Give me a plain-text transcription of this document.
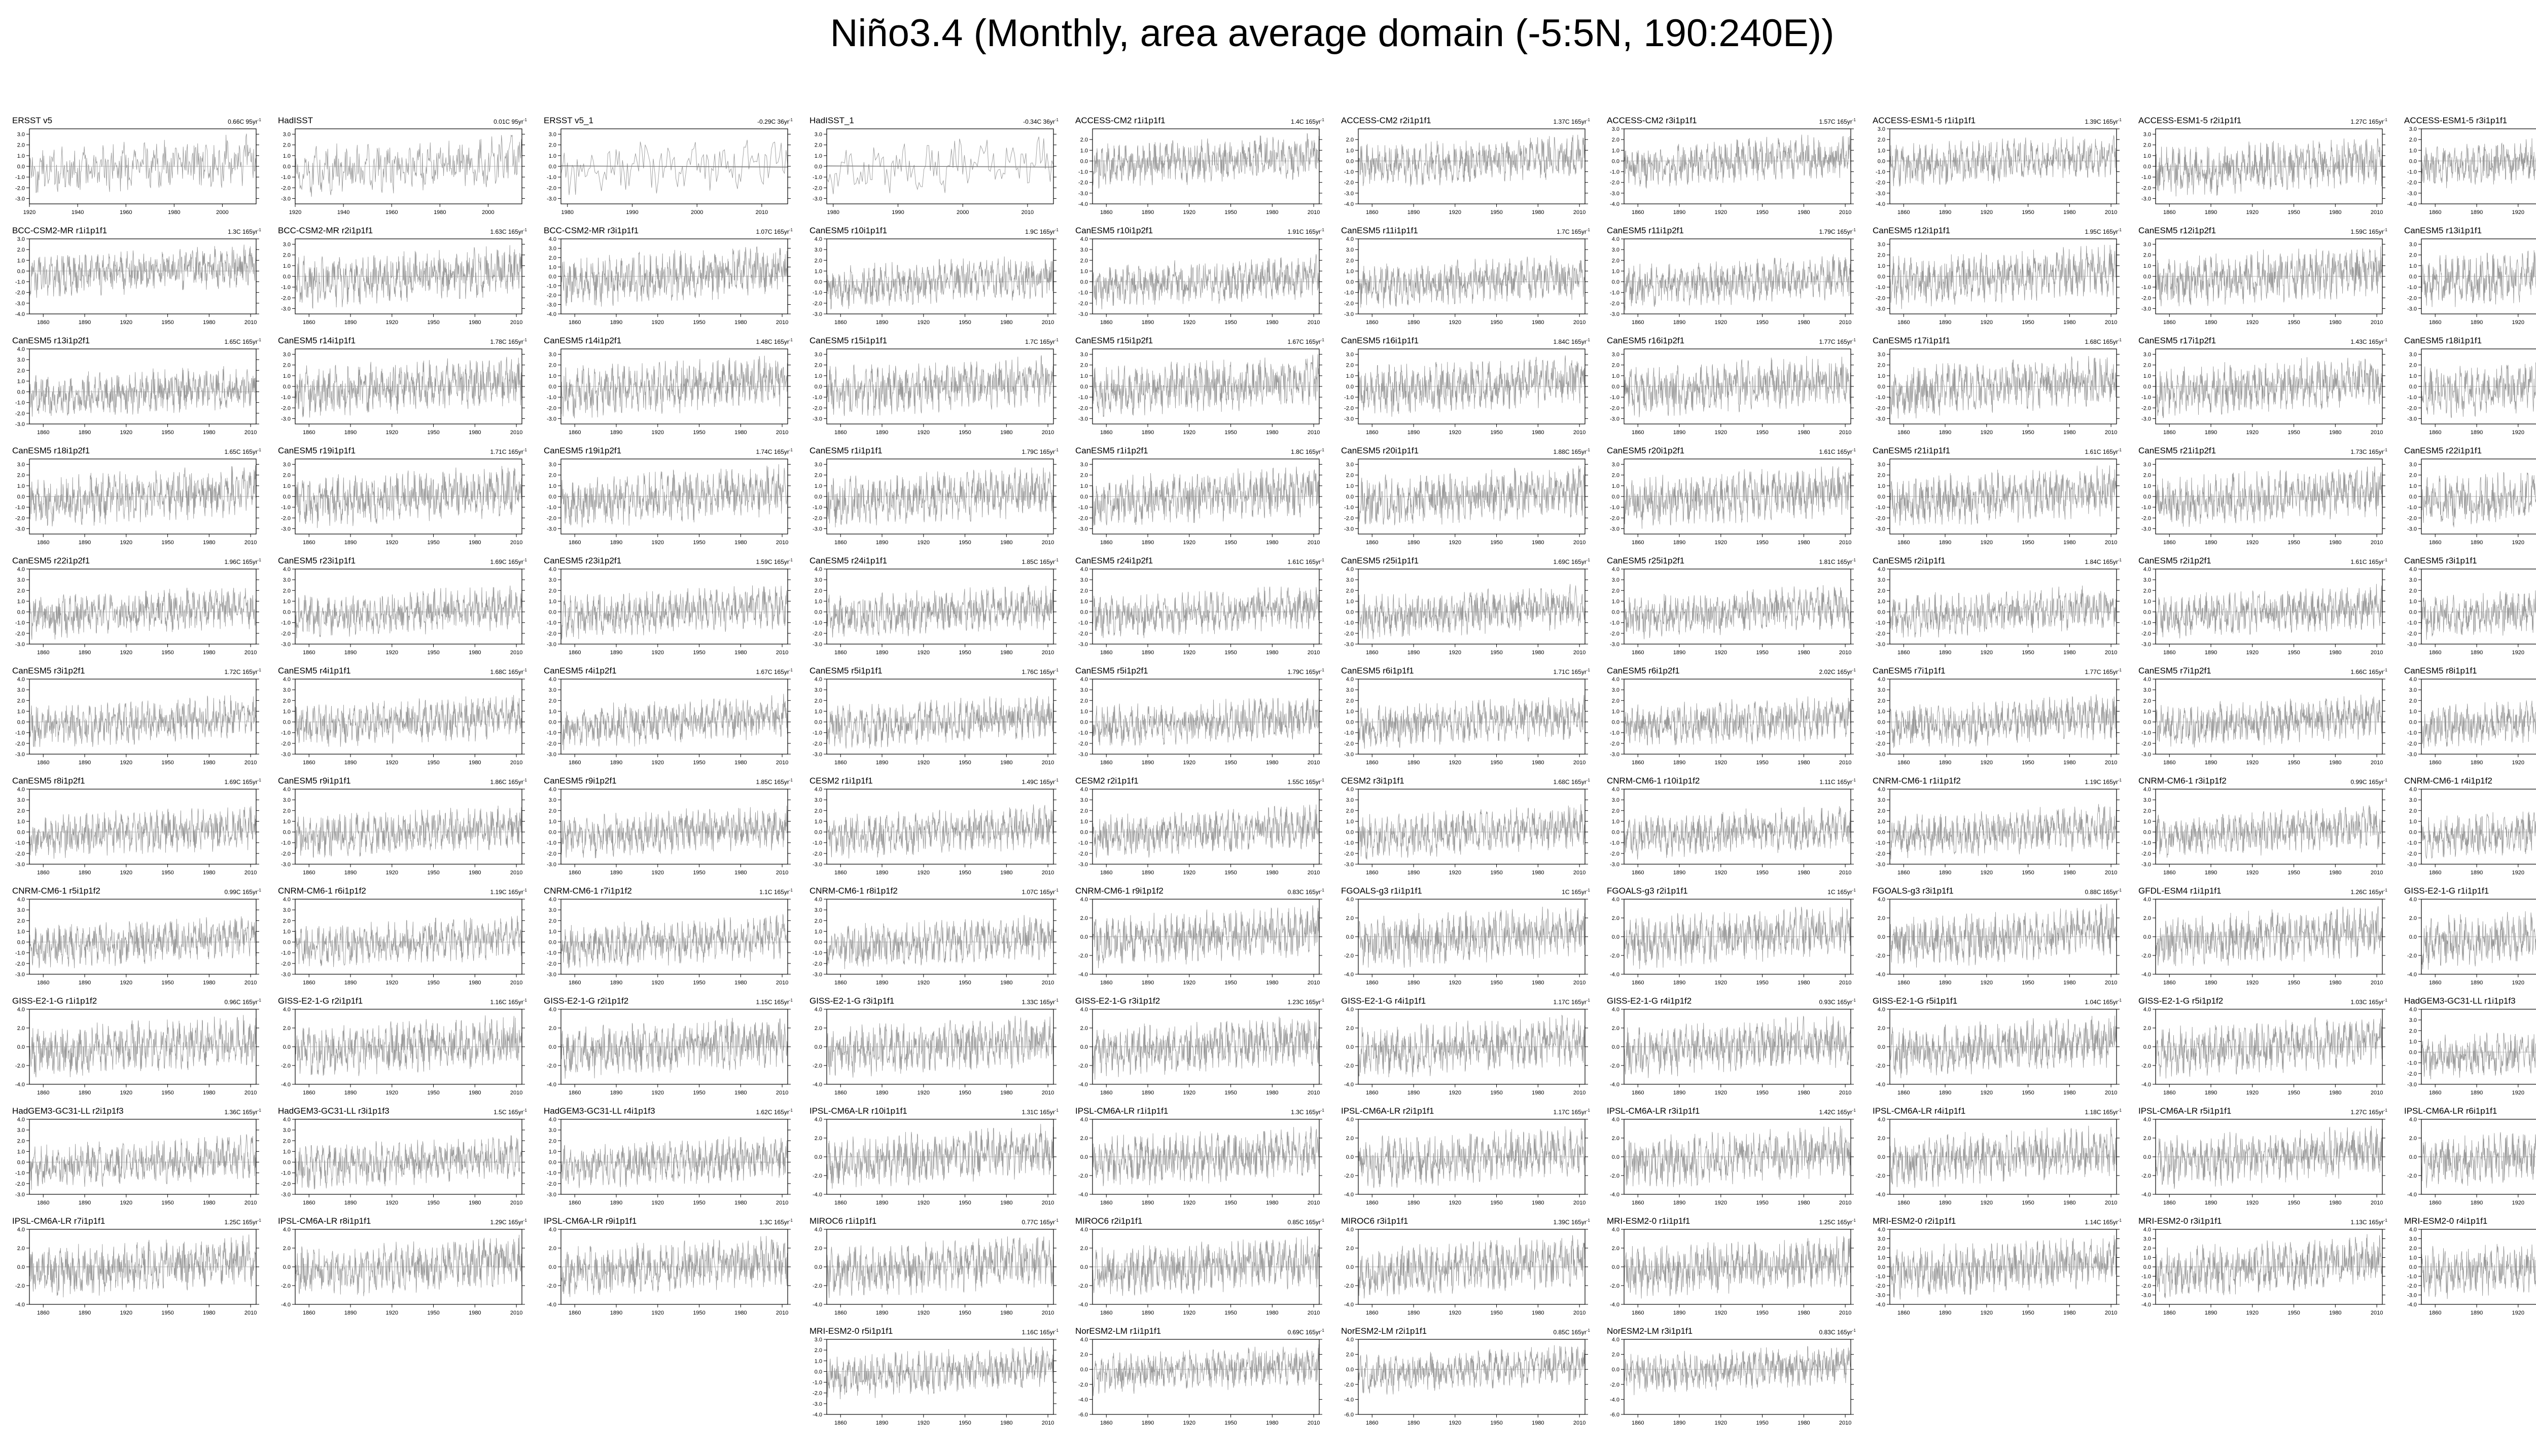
Niño3.4 (Monthly, area average domain (-5:5N, 190:240E))
ERSST v5	0.66C $95yr^{-1}$
3.0
2.0
1.0
0.0
-1.0
-2.0
-3.0
1920	1940	1960	1980	2000
HadISST	0.01C $95yr^{-1}$
3.0
2.0
1.0
0.0
-1.0
-2.0
-3.0
1920	1940	1960	1980	2000
ERSST v5_1	-0.29C $36yr^{-1}$
3.0
2.0
1.0
0.0
-1.0
-2.0
-3.0
1980	1990	2000	2010
HadISST_1	-0.34C $36yr^{-1}$
3.0
2.0
1.0
0.0
-1.0
-2.0
-3.0
1980	1990	2000	2010
ACCESS-CM2 r1i1p1f1	1.4C $165yr^{-1}$
2.0
1.0
0.0
-1.0
-2.0
-3.0
-4.0
1860	1890	1920	1950	1980	2010
ACCESS-CM2 r2i1p1f1	1.37C $165yr^{-1}$
2.0
1.0
0.0
-1.0
-2.0
-3.0
-4.0
1860	1890	1920	1950	1980	2010
ACCESS-CM2 r3i1p1f1	1.57C $165yr^{-1}$
3.0
2.0
1.0
0.0
-1.0
-2.0
-3.0
-4.0
1860	1890	1920	1950	1980	2010
ACCESS-ESM1-5 r1i1p1f1	1.39C $165yr^{-1}$
3.0
2.0
1.0
0.0
-1.0
-2.0
-3.0
-4.0
1860	1890	1920	1950	1980	2010
ACCESS-ESM1-5 r2i1p1f1	1.27C $165yr^{-1}$
3.0
2.0
1.0
0.0
-1.0
-2.0
-3.0
1860	1890	1920	1950	1980	2010
ACCESS-ESM1-5 r3i1p1f1
3.0
2.0
1.0
0.0
-1.0
-2.0
-3.0
-4.0
1860	1890	1920
BCC-CSM2-MR r1i1p1f1	1.3C $165yr^{-1}$
3.0
2.0
1.0
0.0
-1.0
-2.0
-3.0
-4.0
1860	1890	1920	1950	1980	2010
BCC-CSM2-MR r2i1p1f1	1.63C $165yr^{-1}$
3.0
2.0
1.0
0.0
-1.0
-2.0
-3.0
1860	1890	1920	1950	1980	2010
BCC-CSM2-MR r3i1p1f1	1.07C $165yr^{-1}$
4.0
3.0
2.0
1.0
0.0
-1.0
-2.0
-3.0
-4.0
1860	1890	1920	1950	1980	2010
CanESM5 r10i1p1f1	1.9C $165yr^{-1}$
4.0
3.0
2.0
1.0
0.0
-1.0
-2.0
-3.0
1860	1890	1920	1950	1980	2010
CanESM5 r10i1p2f1	1.91C $165yr^{-1}$
4.0
3.0
2.0
1.0
0.0
-1.0
-2.0
-3.0
1860	1890	1920	1950	1980	2010
CanESM5 r11i1p1f1	1.7C $165yr^{-1}$
4.0
3.0
2.0
1.0
0.0
-1.0
-2.0
-3.0
1860	1890	1920	1950	1980	2010
CanESM5 r11i1p2f1	1.79C $165yr^{-1}$
4.0
3.0
2.0
1.0
0.0
-1.0
-2.0
-3.0
1860	1890	1920	1950	1980	2010
CanESM5 r12i1p1f1	1.95C $165yr^{-1}$
3.0
2.0
1.0
0.0
-1.0
-2.0
-3.0
1860	1890	1920	1950	1980	2010
CanESM5 r12i1p2f1	1.59C $165yr^{-1}$
3.0
2.0
1.0
0.0
-1.0
-2.0
-3.0
1860	1890	1920	1950	1980	2010
CanESM5 r13i1p1f1
3.0
2.0
1.0
0.0
-1.0
-2.0
-3.0
1860	1890	1920
CanESM5 r13i1p2f1	1.65C $165yr^{-1}$
4.0
3.0
2.0
1.0
0.0
-1.0
-2.0
-3.0
1860	1890	1920	1950	1980	2010
CanESM5 r14i1p1f1	1.78C $165yr^{-1}$
3.0
2.0
1.0
0.0
-1.0
-2.0
-3.0
1860	1890	1920	1950	1980	2010
CanESM5 r14i1p2f1	1.48C $165yr^{-1}$
3.0
2.0
1.0
0.0
-1.0
-2.0
-3.0
1860	1890	1920	1950	1980	2010
CanESM5 r15i1p1f1	1.7C $165yr^{-1}$
3.0
2.0
1.0
0.0
-1.0
-2.0
-3.0
1860	1890	1920	1950	1980	2010
CanESM5 r15i1p2f1	1.67C $165yr^{-1}$
3.0
2.0
1.0
0.0
-1.0
-2.0
-3.0
1860	1890	1920	1950	1980	2010
CanESM5 r16i1p1f1	1.84C $165yr^{-1}$
3.0
2.0
1.0
0.0
-1.0
-2.0
-3.0
1860	1890	1920	1950	1980	2010
CanESM5 r16i1p2f1	1.77C $165yr^{-1}$
3.0
2.0
1.0
0.0
-1.0
-2.0
-3.0
1860	1890	1920	1950	1980	2010
CanESM5 r17i1p1f1	1.68C $165yr^{-1}$
3.0
2.0
1.0
0.0
-1.0
-2.0
-3.0
1860	1890	1920	1950	1980	2010
CanESM5 r17i1p2f1	1.43C $165yr^{-1}$
3.0
2.0
1.0
0.0
-1.0
-2.0
-3.0
1860	1890	1920	1950	1980	2010
CanESM5 r18i1p1f1
3.0
2.0
1.0
0.0
-1.0
-2.0
-3.0
1860	1890	1920
CanESM5 r18i1p2f1	1.65C $165yr^{-1}$
3.0
2.0
1.0
0.0
-1.0
-2.0
-3.0
1860	1890	1920	1950	1980	2010
CanESM5 r19i1p1f1	1.71C $165yr^{-1}$
3.0
2.0
1.0
0.0
-1.0
-2.0
-3.0
1860	1890	1920	1950	1980	2010
CanESM5 r19i1p2f1	1.74C $165yr^{-1}$
3.0
2.0
1.0
0.0
-1.0
-2.0
-3.0
1860	1890	1920	1950	1980	2010
CanESM5 r1i1p1f1	1.79C $165yr^{-1}$
3.0
2.0
1.0
0.0
-1.0
-2.0
-3.0
1860	1890	1920	1950	1980	2010
CanESM5 r1i1p2f1	1.8C $165yr^{-1}$
3.0
2.0
1.0
0.0
-1.0
-2.0
-3.0
1860	1890	1920	1950	1980	2010
CanESM5 r20i1p1f1	1.88C $165yr^{-1}$
3.0
2.0
1.0
0.0
-1.0
-2.0
-3.0
1860	1890	1920	1950	1980	2010
CanESM5 r20i1p2f1	1.61C $165yr^{-1}$
3.0
2.0
1.0
0.0
-1.0
-2.0
-3.0
1860	1890	1920	1950	1980	2010
CanESM5 r21i1p1f1	1.61C $165yr^{-1}$
3.0
2.0
1.0
0.0
-1.0
-2.0
-3.0
1860	1890	1920	1950	1980	2010
CanESM5 r21i1p2f1	1.73C $165yr^{-1}$
3.0
2.0
1.0
0.0
-1.0
-2.0
-3.0
1860	1890	1920	1950	1980	2010
CanESM5 r22i1p1f1
3.0
2.0
1.0
0.0
-1.0
-2.0
-3.0
1860	1890	1920
CanESM5 r22i1p2f1	1.96C $165yr^{-1}$
4.0
3.0
2.0
1.0
0.0
-1.0
-2.0
-3.0
1860	1890	1920	1950	1980	2010
CanESM5 r23i1p1f1	1.69C $165yr^{-1}$
4.0
3.0
2.0
1.0
0.0
-1.0
-2.0
-3.0
1860	1890	1920	1950	1980	2010
CanESM5 r23i1p2f1	1.59C $165yr^{-1}$
4.0
3.0
2.0
1.0
0.0
-1.0
-2.0
-3.0
1860	1890	1920	1950	1980	2010
CanESM5 r24i1p1f1	1.85C $165yr^{-1}$
4.0
3.0
2.0
1.0
0.0
-1.0
-2.0
-3.0
1860	1890	1920	1950	1980	2010
CanESM5 r24i1p2f1	1.61C $165yr^{-1}$
4.0
3.0
2.0
1.0
0.0
-1.0
-2.0
-3.0
1860	1890	1920	1950	1980	2010
CanESM5 r25i1p1f1	1.69C $165yr^{-1}$
4.0
3.0
2.0
1.0
0.0
-1.0
-2.0
-3.0
1860	1890	1920	1950	1980	2010
CanESM5 r25i1p2f1	1.81C $165yr^{-1}$
4.0
3.0
2.0
1.0
0.0
-1.0
-2.0
-3.0
1860	1890	1920	1950	1980	2010
CanESM5 r2i1p1f1	1.84C $165yr^{-1}$
4.0
3.0
2.0
1.0
0.0
-1.0
-2.0
-3.0
1860	1890	1920	1950	1980	2010
CanESM5 r2i1p2f1	1.61C $165yr^{-1}$
4.0
3.0
2.0
1.0
0.0
-1.0
-2.0
-3.0
1860	1890	1920	1950	1980	2010
CanESM5 r3i1p1f1
4.0
3.0
2.0
1.0
0.0
-1.0
-2.0
-3.0
1860	1890	1920
CanESM5 r3i1p2f1	1.72C $165yr^{-1}$
4.0
3.0
2.0
1.0
0.0
-1.0
-2.0
-3.0
1860	1890	1920	1950	1980	2010
CanESM5 r4i1p1f1	1.68C $165yr^{-1}$
4.0
3.0
2.0
1.0
0.0
-1.0
-2.0
-3.0
1860	1890	1920	1950	1980	2010
CanESM5 r4i1p2f1	1.67C $165yr^{-1}$
4.0
3.0
2.0
1.0
0.0
-1.0
-2.0
-3.0
1860	1890	1920	1950	1980	2010
CanESM5 r5i1p1f1	1.76C $165yr^{-1}$
4.0
3.0
2.0
1.0
0.0
-1.0
-2.0
-3.0
1860	1890	1920	1950	1980	2010
CanESM5 r5i1p2f1	1.79C $165yr^{-1}$
4.0
3.0
2.0
1.0
0.0
-1.0
-2.0
-3.0
1860	1890	1920	1950	1980	2010
CanESM5 r6i1p1f1	1.71C $165yr^{-1}$
4.0
3.0
2.0
1.0
0.0
-1.0
-2.0
-3.0
1860	1890	1920	1950	1980	2010
CanESM5 r6i1p2f1	2.02C $165yr^{-1}$
4.0
3.0
2.0
1.0
0.0
-1.0
-2.0
-3.0
1860	1890	1920	1950	1980	2010
CanESM5 r7i1p1f1	1.77C $165yr^{-1}$
4.0
3.0
2.0
1.0
0.0
-1.0
-2.0
-3.0
1860	1890	1920	1950	1980	2010
CanESM5 r7i1p2f1	1.66C $165yr^{-1}$
4.0
3.0
2.0
1.0
0.0
-1.0
-2.0
-3.0
1860	1890	1920	1950	1980	2010
CanESM5 r8i1p1f1
4.0
3.0
2.0
1.0
0.0
-1.0
-2.0
-3.0
1860	1890	1920
CanESM5 r8i1p2f1	1.69C $165yr^{-1}$
4.0
3.0
2.0
1.0
0.0
-1.0
-2.0
-3.0
1860	1890	1920	1950	1980	2010
CanESM5 r9i1p1f1	1.86C $165yr^{-1}$
4.0
3.0
2.0
1.0
0.0
-1.0
-2.0
-3.0
1860	1890	1920	1950	1980	2010
CanESM5 r9i1p2f1	1.85C $165yr^{-1}$
4.0
3.0
2.0
1.0
0.0
-1.0
-2.0
-3.0
1860	1890	1920	1950	1980	2010
CESM2 r1i1p1f1	1.49C $165yr^{-1}$
4.0
3.0
2.0
1.0
0.0
-1.0
-2.0
-3.0
1860	1890	1920	1950	1980	2010
CESM2 r2i1p1f1	1.55C $165yr^{-1}$
4.0
3.0
2.0
1.0
0.0
-1.0
-2.0
-3.0
1860	1890	1920	1950	1980	2010
CESM2 r3i1p1f1	1.68C $165yr^{-1}$
4.0
3.0
2.0
1.0
0.0
-1.0
-2.0
-3.0
1860	1890	1920	1950	1980	2010
CNRM-CM6-1 r10i1p1f2	1.11C $165yr^{-1}$
4.0
3.0
2.0
1.0
0.0
-1.0
-2.0
-3.0
1860	1890	1920	1950	1980	2010
CNRM-CM6-1 r1i1p1f2	1.19C $165yr^{-1}$
4.0
3.0
2.0
1.0
0.0
-1.0
-2.0
-3.0
1860	1890	1920	1950	1980	2010
CNRM-CM6-1 r3i1p1f2	0.99C $165yr^{-1}$
4.0
3.0
2.0
1.0
0.0
-1.0
-2.0
-3.0
1860	1890	1920	1950	1980	2010
CNRM-CM6-1 r4i1p1f2
4.0
3.0
2.0
1.0
0.0
-1.0
-2.0
-3.0
1860	1890	1920
CNRM-CM6-1 r5i1p1f2	0.99C $165yr^{-1}$
4.0
3.0
2.0
1.0
0.0
-1.0
-2.0
-3.0
1860	1890	1920	1950	1980	2010
CNRM-CM6-1 r6i1p1f2	1.19C $165yr^{-1}$
4.0
3.0
2.0
1.0
0.0
-1.0
-2.0
-3.0
1860	1890	1920	1950	1980	2010
CNRM-CM6-1 r7i1p1f2	1.1C $165yr^{-1}$
4.0
3.0
2.0
1.0
0.0
-1.0
-2.0
-3.0
1860	1890	1920	1950	1980	2010
CNRM-CM6-1 r8i1p1f2	1.07C $165yr^{-1}$
4.0
3.0
2.0
1.0
0.0
-1.0
-2.0
-3.0
1860	1890	1920	1950	1980	2010
CNRM-CM6-1 r9i1p1f2	0.83C $165yr^{-1}$
4.0
2.0
0.0
-2.0
-4.0
1860	1890	1920	1950	1980	2010
FGOALS-g3 r1i1p1f1	1C $165yr^{-1}$
4.0
2.0
0.0
-2.0
-4.0
1860	1890	1920	1950	1980	2010
FGOALS-g3 r2i1p1f1	1C $165yr^{-1}$
4.0
2.0
0.0
-2.0
-4.0
1860	1890	1920	1950	1980	2010
FGOALS-g3 r3i1p1f1	0.88C $165yr^{-1}$
4.0
2.0
0.0
-2.0
-4.0
1860	1890	1920	1950	1980	2010
GFDL-ESM4 r1i1p1f1	1.26C $165yr^{-1}$
4.0
2.0
0.0
-2.0
-4.0
1860	1890	1920	1950	1980	2010
GISS-E2-1-G r1i1p1f1
4.0
2.0
0.0
-2.0
-4.0
1860	1890	1920
GISS-E2-1-G r1i1p1f2	0.96C $165yr^{-1}$
4.0
2.0
0.0
-2.0
-4.0
1860	1890	1920	1950	1980	2010
GISS-E2-1-G r2i1p1f1	1.16C $165yr^{-1}$
4.0
2.0
0.0
-2.0
-4.0
1860	1890	1920	1950	1980	2010
GISS-E2-1-G r2i1p1f2	1.15C $165yr^{-1}$
4.0
2.0
0.0
-2.0
-4.0
1860	1890	1920	1950	1980	2010
GISS-E2-1-G r3i1p1f1	1.33C $165yr^{-1}$
4.0
2.0
0.0
-2.0
-4.0
1860	1890	1920	1950	1980	2010
GISS-E2-1-G r3i1p1f2	1.23C $165yr^{-1}$
4.0
2.0
0.0
-2.0
-4.0
1860	1890	1920	1950	1980	2010
GISS-E2-1-G r4i1p1f1	1.17C $165yr^{-1}$
4.0
2.0
0.0
-2.0
-4.0
1860	1890	1920	1950	1980	2010
GISS-E2-1-G r4i1p1f2	0.93C $165yr^{-1}$
4.0
2.0
0.0
-2.0
-4.0
1860	1890	1920	1950	1980	2010
GISS-E2-1-G r5i1p1f1	1.04C $165yr^{-1}$
4.0
2.0
0.0
-2.0
-4.0
1860	1890	1920	1950	1980	2010
GISS-E2-1-G r5i1p1f2	1.03C $165yr^{-1}$
4.0
2.0
0.0
-2.0
-4.0
1860	1890	1920	1950	1980	2010
HadGEM3-GC31-LL r1i1p1f3
4.0
3.0
2.0
1.0
0.0
-1.0
-2.0
-3.0
1860	1890	1920
HadGEM3-GC31-LL r2i1p1f3	1.36C $165yr^{-1}$
4.0
3.0
2.0
1.0
0.0
-1.0
-2.0
-3.0
1860	1890	1920	1950	1980	2010
HadGEM3-GC31-LL r3i1p1f3	1.5C $165yr^{-1}$
4.0
3.0
2.0
1.0
0.0
-1.0
-2.0
-3.0
1860	1890	1920	1950	1980	2010
HadGEM3-GC31-LL r4i1p1f3	1.62C $165yr^{-1}$
4.0
3.0
2.0
1.0
0.0
-1.0
-2.0
-3.0
1860	1890	1920	1950	1980	2010
IPSL-CM6A-LR r10i1p1f1	1.31C $165yr^{-1}$
4.0
2.0
0.0
-2.0
-4.0
1860	1890	1920	1950	1980	2010
IPSL-CM6A-LR r1i1p1f1	1.3C $165yr^{-1}$
4.0
2.0
0.0
-2.0
-4.0
1860	1890	1920	1950	1980	2010
IPSL-CM6A-LR r2i1p1f1	1.17C $165yr^{-1}$
4.0
2.0
0.0
-2.0
-4.0
1860	1890	1920	1950	1980	2010
IPSL-CM6A-LR r3i1p1f1	1.42C $165yr^{-1}$
4.0
2.0
0.0
-2.0
-4.0
1860	1890	1920	1950	1980	2010
IPSL-CM6A-LR r4i1p1f1	1.18C $165yr^{-1}$
4.0
2.0
0.0
-2.0
-4.0
1860	1890	1920	1950	1980	2010
IPSL-CM6A-LR r5i1p1f1	1.27C $165yr^{-1}$
4.0
2.0
0.0
-2.0
-4.0
1860	1890	1920	1950	1980	2010
IPSL-CM6A-LR r6i1p1f1
4.0
2.0
0.0
-2.0
-4.0
1860	1890	1920
IPSL-CM6A-LR r7i1p1f1	1.25C $165yr^{-1}$
4.0
2.0
0.0
-2.0
-4.0
1860	1890	1920	1950	1980	2010
IPSL-CM6A-LR r8i1p1f1	1.29C $165yr^{-1}$
4.0
2.0
0.0
-2.0
-4.0
1860	1890	1920	1950	1980	2010
IPSL-CM6A-LR r9i1p1f1	1.3C $165yr^{-1}$
4.0
2.0
0.0
-2.0
-4.0
1860	1890	1920	1950	1980	2010
MIROC6 r1i1p1f1	0.77C $165yr^{-1}$
4.0
2.0
0.0
-2.0
-4.0
1860	1890	1920	1950	1980	2010
MIROC6 r2i1p1f1	0.85C $165yr^{-1}$
4.0
2.0
0.0
-2.0
-4.0
1860	1890	1920	1950	1980	2010
MIROC6 r3i1p1f1	1.39C $165yr^{-1}$
4.0
2.0
0.0
-2.0
-4.0
1860	1890	1920	1950	1980	2010
MRI-ESM2-0 r1i1p1f1	1.25C $165yr^{-1}$
4.0
2.0
0.0
-2.0
-4.0
1860	1890	1920	1950	1980	2010
MRI-ESM2-0 r2i1p1f1	1.14C $165yr^{-1}$
4.0
3.0
2.0
1.0
0.0
-1.0
-2.0
-3.0
-4.0
1860	1890	1920	1950	1980	2010
MRI-ESM2-0 r3i1p1f1	1.13C $165yr^{-1}$
4.0
3.0
2.0
1.0
0.0
-1.0
-2.0
-3.0
-4.0
1860	1890	1920	1950	1980	2010
MRI-ESM2-0 r4i1p1f1
4.0
3.0
2.0
1.0
0.0
-1.0
-2.0
-3.0
-4.0
1860	1890	1920
MRI-ESM2-0 r5i1p1f1	1.16C $165yr^{-1}$
3.0
2.0
1.0
0.0
-1.0
-2.0
-3.0
-4.0
1860	1890	1920	1950	1980	2010
NorESM2-LM r1i1p1f1	0.69C $165yr^{-1}$
4.0
2.0
0.0
-2.0
-4.0
-6.0
1860	1890	1920	1950	1980	2010
NorESM2-LM r2i1p1f1	0.85C $165yr^{-1}$
4.0
2.0
0.0
-2.0
-4.0
-6.0
1860	1890	1920	1950	1980	2010
NorESM2-LM r3i1p1f1	0.83C $165yr^{-1}$
4.0
2.0
0.0
-2.0
-4.0
-6.0
1860	1890	1920	1950	1980	2010
